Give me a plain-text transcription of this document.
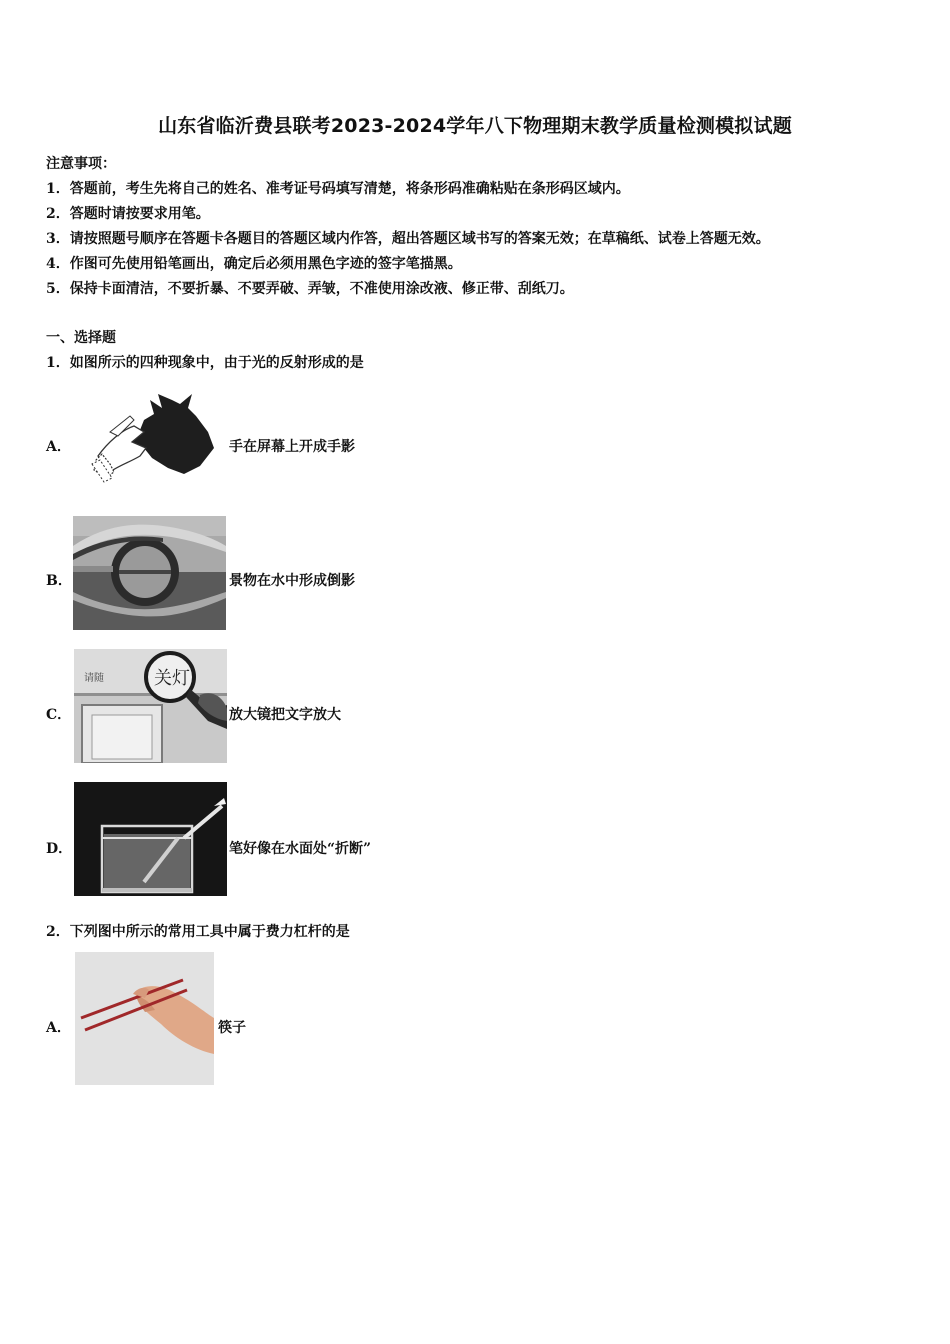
山东省临沂费县联考2023-2024学年八下物理期末教学质量检测模拟试题
注意事项：
1．答题前，考生先将自己的姓名、准考证号码填写清楚，将条形码准确粘贴在条形码区域内。
2．答题时请按要求用笔。
3．请按照题号顺序在答题卡各题目的答题区域内作答，超出答题区域书写的答案无效；在草稿纸、试卷上答题无效。
4．作图可先使用铅笔画出，确定后必须用黑色字迹的签字笔描黑。
5．保持卡面清洁，不要折暴、不要弄破、弄皱，不准使用涂改液、修正带、刮纸刀。
一、选择题
1．如图所示的四种现象中，由于光的反射形成的是
A．	手在屏幕上开成手影
B．	景物在水中形成倒影
C．
请随	关灯
放大镜把文字放大
D．	笔好像在水面处“折断”
2．下列图中所示的常用工具中属于费力杠杆的是
A．	筷子
